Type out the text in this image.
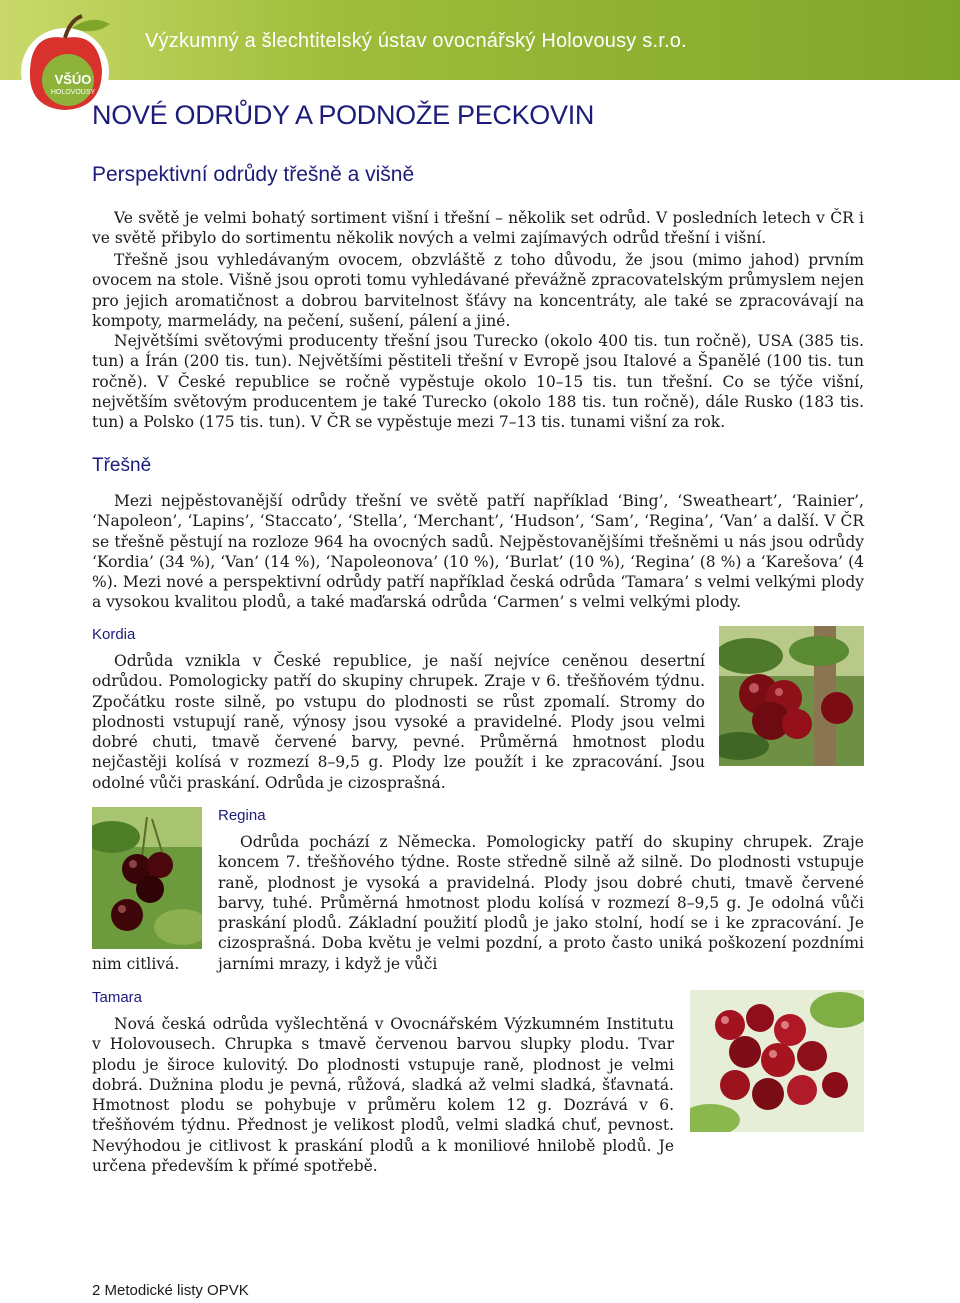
Výzkumný a šlechtitelský ústav ovocnářský Holovousy s.r.o.
VŠÚO
HOLOVOUSY
NOVÉ ODRŮDY A PODNOŽE PECKOVIN
Perspektivní odrůdy třešně a višně

Ve světě je velmi bohatý sortiment višní i třešní – několik set odrůd. V posledních letech v ČR i ve světě přibylo do sortimentu několik nových a velmi zajímavých odrůd třešní i višní.

Třešně jsou vyhledávaným ovocem, obzvláště z toho důvodu, že jsou (mimo jahod) prvním ovocem na stole. Višně jsou oproti tomu vyhledávané převážně zpracovatelským průmyslem nejen pro jejich aromatičnost a dobrou barvitelnost šťávy na koncentráty, ale také se zpracovávají na kompoty, marmelády, na pečení, sušení, pálení a jiné.

Největšími světovými producenty třešní jsou Turecko (okolo 400 tis. tun ročně), USA (385 tis. tun) a Írán (200 tis. tun). Největšími pěstiteli třešní v Evropě jsou Italové a Španělé (100 tis. tun ročně). V České republice se ročně vypěstuje okolo 10–15 tis. tun třešní. Co se týče višní, největším světovým producentem je také Turecko (okolo 188 tis. tun ročně), dále Rusko (183 tis. tun) a Polsko (175 tis. tun). V ČR se vypěstuje mezi 7–13 tis. tunami višní za rok.

Třešně

Mezi nejpěstovanější odrůdy třešní ve světě patří například ‘Bing’, ‘Sweatheart’, ‘Rainier’, ‘Napoleon’, ‘Lapins’, ‘Staccato’, ‘Stella’, ‘Merchant’, ‘Hudson’, ‘Sam’, ‘Regina’, ‘Van’ a další. V ČR se třešně pěstují na rozloze 964 ha ovocných sadů. Nejpěstovanějšími třešněmi u nás jsou odrůdy ‘Kordia’ (34 %), ‘Van’ (14 %), ‘Napoleonova’ (10 %), ‘Burlat’ (10 %), ‘Regina’ (8 %) a ‘Karešova’ (4 %). Mezi nové a perspektivní odrůdy patří například česká odrůda ‘Tamara’ s velmi velkými plody a vysokou kvalitou plodů, a také maďarská odrůda ‘Carmen’ s velmi velkými plody.

Kordia

Odrůda vznikla v České republice, je naší nejvíce ceněnou desertní odrůdou. Pomologicky patří do skupiny chrupek. Zraje v 6. třešňovém týdnu. Zpočátku roste silně, po vstupu do plodnosti se růst zpomalí. Stromy do plodnosti vstupují raně, výnosy jsou vysoké a pravidelné. Plody jsou velmi dobré chuti, tmavě červené barvy, pevné. Průměrná hmotnost plodu nejčastěji kolísá v rozmezí 8–9,5 g. Plody lze použít i ke zpracování. Jsou odolné vůči praskání. Odrůda je cizosprašná.

Regina

Odrůda pochází z Německa. Pomologicky patří do skupiny chrupek. Zraje koncem 7. třešňového týdne. Roste středně silně až silně. Do plodnosti vstupuje raně, plodnost je vysoká a pravidelná. Plody jsou dobré chuti, tmavě červené barvy, tuhé. Průměrná hmotnost plodu kolísá v rozmezí 8–9,5 g. Je odolná vůči praskání plodů. Základní použití plodů je jako stolní, hodí se i ke zpracování. Je cizosprašná. Doba květu je velmi pozdní, a proto často uniká poškození pozdními jarními mrazy, i když je vůči

nim citlivá.

Tamara

Nová česká odrůda vyšlechtěná v Ovocnářském Výzkumném Institutu v Holovousech. Chrupka s tmavě červenou barvou slupky plodu. Tvar plodu je široce kulovitý. Do plodnosti vstupuje raně, plodnost je velmi dobrá. Dužnina plodu je pevná, růžová, sladká až velmi sladká, šťavnatá. Hmotnost plodu se pohybuje v průměru kolem 12 g. Dozrává v 6. třešňovém týdnu. Přednost je velikost plodů, velmi sladká chuť, pevnost. Nevýhodou je citlivost k praskání plodů a k moniliové hnilobě plodů. Je určena především k přímé spotřebě.

2 Metodické listy OPVK
